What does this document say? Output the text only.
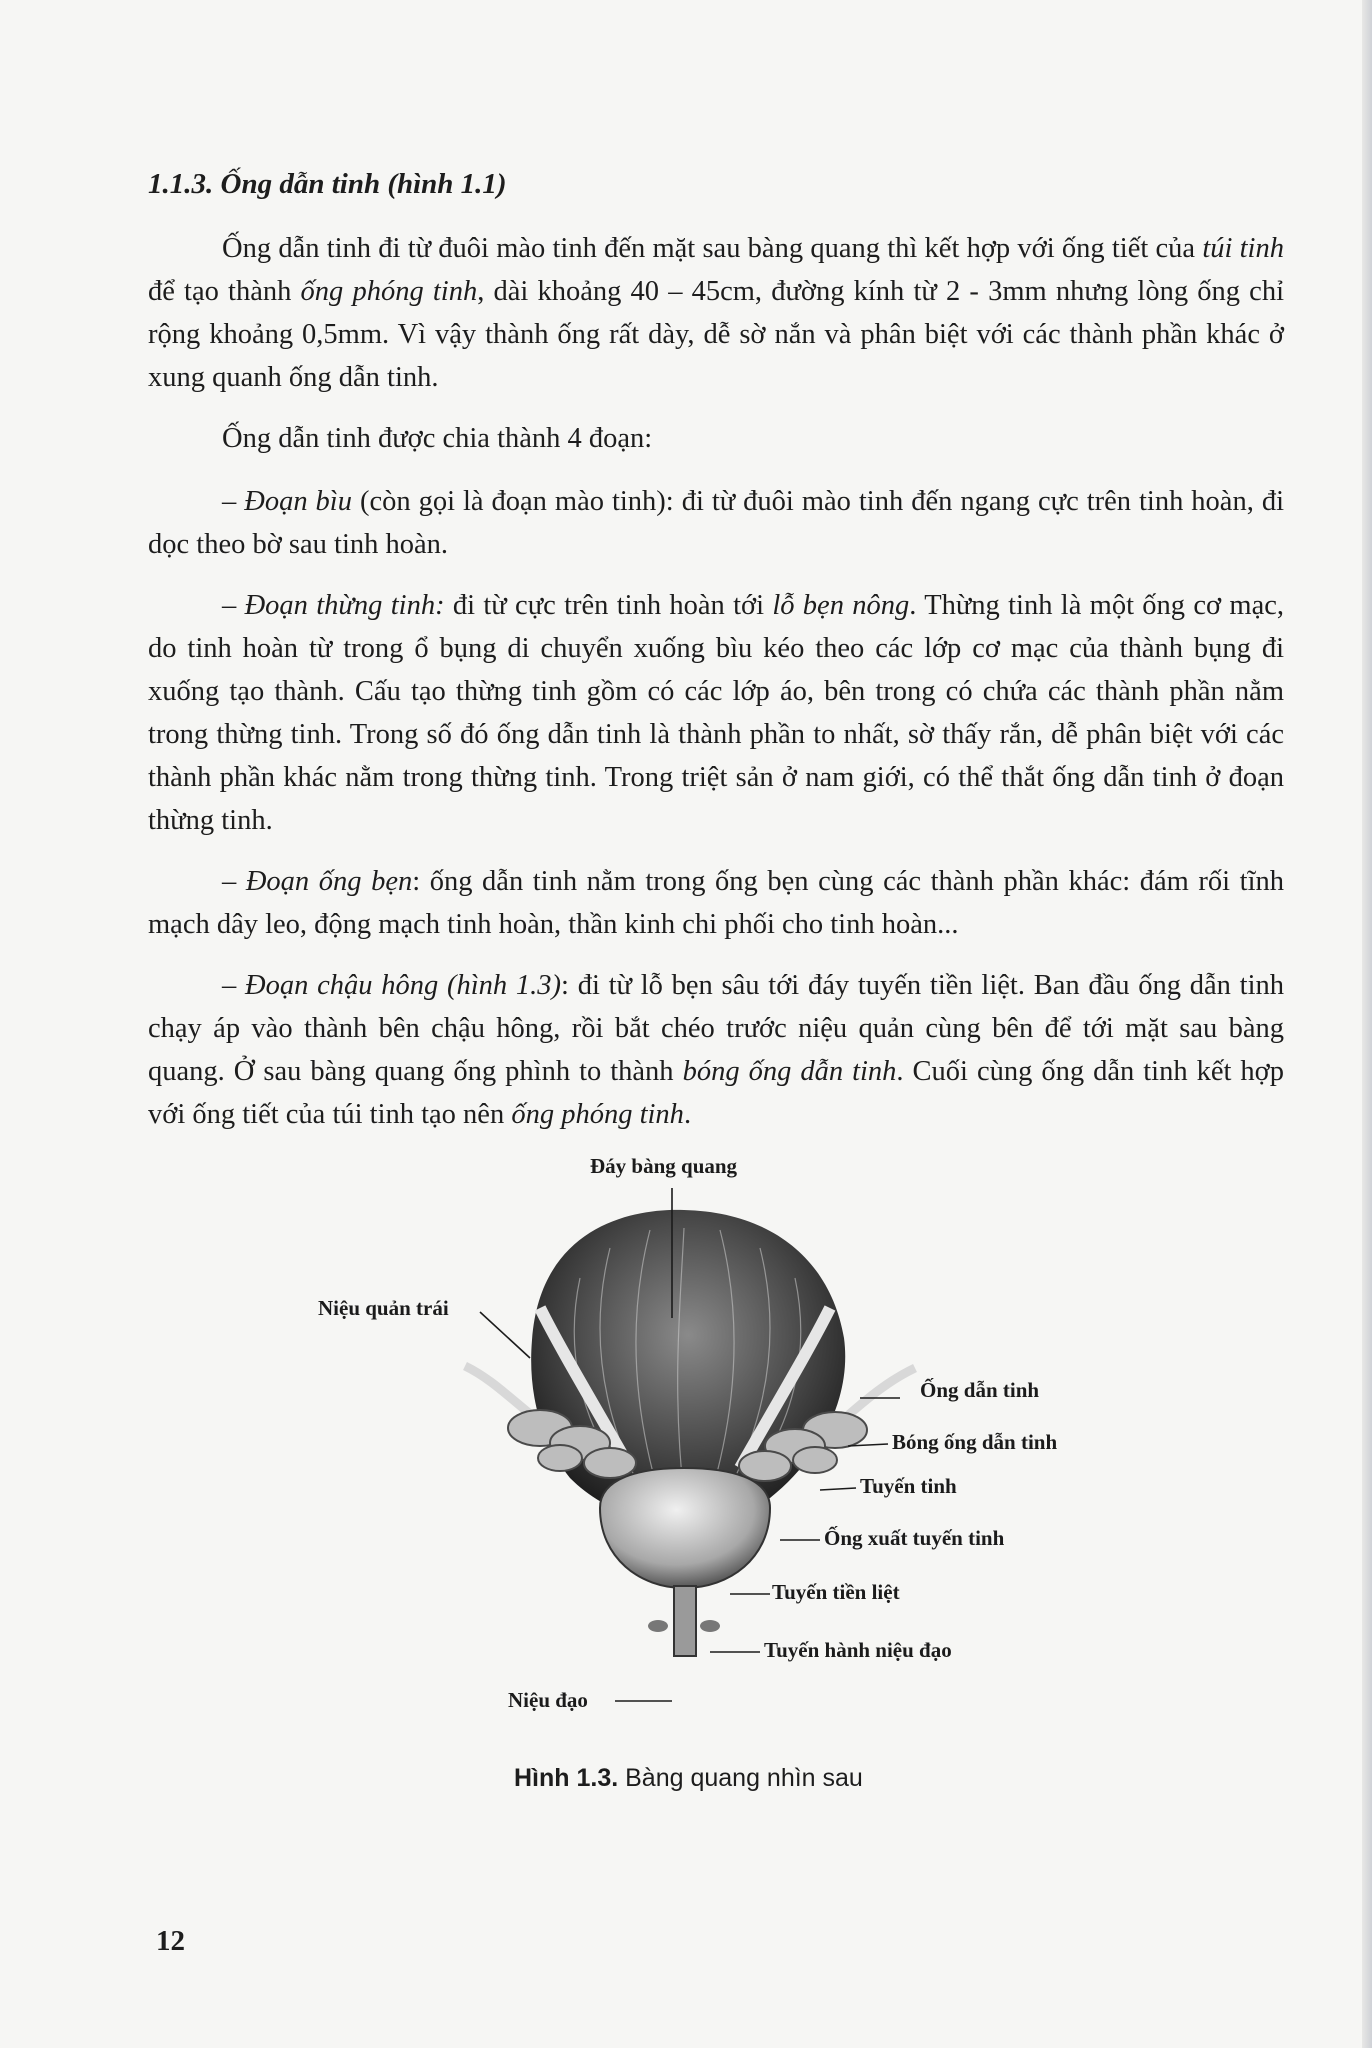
1.1.3. Ống dẫn tinh (hình 1.1)

Ống dẫn tinh đi từ đuôi mào tinh đến mặt sau bàng quang thì kết hợp với ống tiết của túi tinh để tạo thành ống phóng tinh, dài khoảng 40 – 45cm, đường kính từ 2 - 3mm nhưng lòng ống chỉ rộng khoảng 0,5mm. Vì vậy thành ống rất dày, dễ sờ nắn và phân biệt với các thành phần khác ở xung quanh ống dẫn tinh.

Ống dẫn tinh được chia thành 4 đoạn:

– Đoạn bìu (còn gọi là đoạn mào tinh): đi từ đuôi mào tinh đến ngang cực trên tinh hoàn, đi dọc theo bờ sau tinh hoàn.

– Đoạn thừng tinh: đi từ cực trên tinh hoàn tới lỗ bẹn nông. Thừng tinh là một ống cơ mạc, do tinh hoàn từ trong ổ bụng di chuyển xuống bìu kéo theo các lớp cơ mạc của thành bụng đi xuống tạo thành. Cấu tạo thừng tinh gồm có các lớp áo, bên trong có chứa các thành phần nằm trong thừng tinh. Trong số đó ống dẫn tinh là thành phần to nhất, sờ thấy rắn, dễ phân biệt với các thành phần khác nằm trong thừng tinh. Trong triệt sản ở nam giới, có thể thắt ống dẫn tinh ở đoạn thừng tinh.

– Đoạn ống bẹn: ống dẫn tinh nằm trong ống bẹn cùng các thành phần khác: đám rối tĩnh mạch dây leo, động mạch tinh hoàn, thần kinh chi phối cho tinh hoàn...

– Đoạn chậu hông (hình 1.3): đi từ lỗ bẹn sâu tới đáy tuyến tiền liệt. Ban đầu ống dẫn tinh chạy áp vào thành bên chậu hông, rồi bắt chéo trước niệu quản cùng bên để tới mặt sau bàng quang. Ở sau bàng quang ống phình to thành bóng ống dẫn tinh. Cuối cùng ống dẫn tinh kết hợp với ống tiết của túi tinh tạo nên ống phóng tinh.

Đáy bàng quang
Niệu quản trái
Ống dẫn tinh
Bóng ống dẫn tinh
Tuyến tinh
Ống xuất tuyến tinh
Tuyến tiền liệt
Tuyến hành niệu đạo
Niệu đạo
Hình 1.3. Bàng quang nhìn sau
12
